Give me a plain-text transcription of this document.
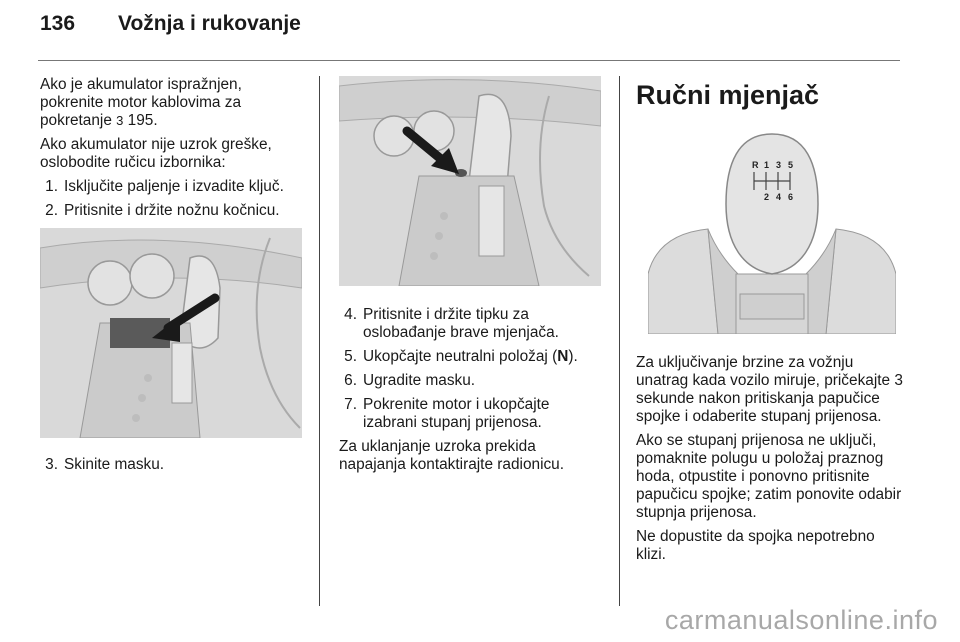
136	Vožnja i rukovanje

Ako je akumulator ispražnjen, pokrenite motor kablovima za pokretanje 3 195.

Ako akumulator nije uzrok greške, oslobodite ručicu izbornika:

1. Isključite paljenje i izvadite ključ.
2. Pritisnite i držite nožnu kočnicu.
3. Skinite masku.
4. Pritisnite i držite tipku za oslobađanje brave mjenjača.
5. Ukopčajte neutralni položaj (N).
6. Ugradite masku.
7. Pokrenite motor i ukopčajte izabrani stupanj prijenosa.

Za uklanjanje uzroka prekida napajanja kontaktirajte radionicu.

Ručni mjenjač
R 1 3 5
2 4 6

Za uključivanje brzine za vožnju unatrag kada vozilo miruje, pričekajte 3 sekunde nakon pritiskanja papučice spojke i odaberite stupanj prijenosa.

Ako se stupanj prijenosa ne uključi, pomaknite polugu u položaj praznog hoda, otpustite i ponovno pritisnite papučicu spojke; zatim ponovite odabir stupnja prijenosa.

Ne dopustite da spojka nepotrebno klizi.

carmanualsonline.info
